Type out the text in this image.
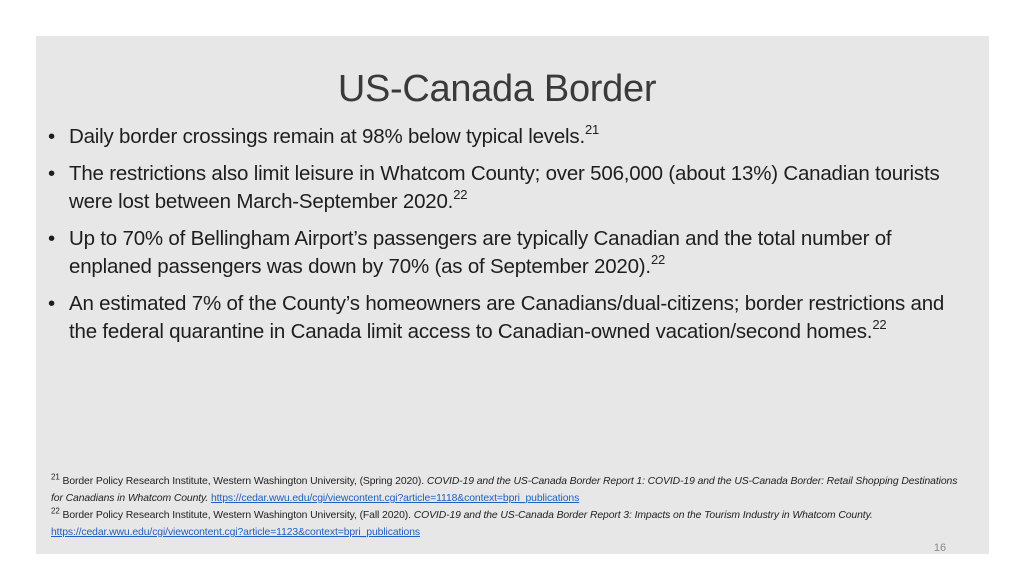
US-Canada Border
• Daily border crossings remain at 98% below typical levels.$^{21}$
• The restrictions also limit leisure in Whatcom County; over 506,000 (about 13%) Canadian tourists were lost between March-September 2020.22
• Up to 70% of Bellingham Airport’s passengers are typically Canadian and the total number of enplaned passengers was down by 70% (as of September 2020).$^{22}$
• An estimated 7% of the County’s homeowners are Canadians/dual-citizens; border restrictions and the federal quarantine in Canada limit access to Canadian-owned vacation/second homes.$^{22}$

$^{21}$ Border Policy Research Institute, Western Washington University, (Spring 2020). COVID-19 and the US-Canada Border Report 1: COVID-19 and the US-Canada Border: Retail Shopping Destinations for Canadians in Whatcom County. https://cedar.wwu.edu/cgi/viewcontent.cgi?article=1118&context=bpri_publications

$^{22}$ Border Policy Research Institute, Western Washington University, (Fall 2020). COVID-19 and the US-Canada Border Report 3: Impacts on the Tourism Industry in Whatcom County. https://cedar.wwu.edu/cgi/viewcontent.cgi?article=1123&context=bpri_publications

16
